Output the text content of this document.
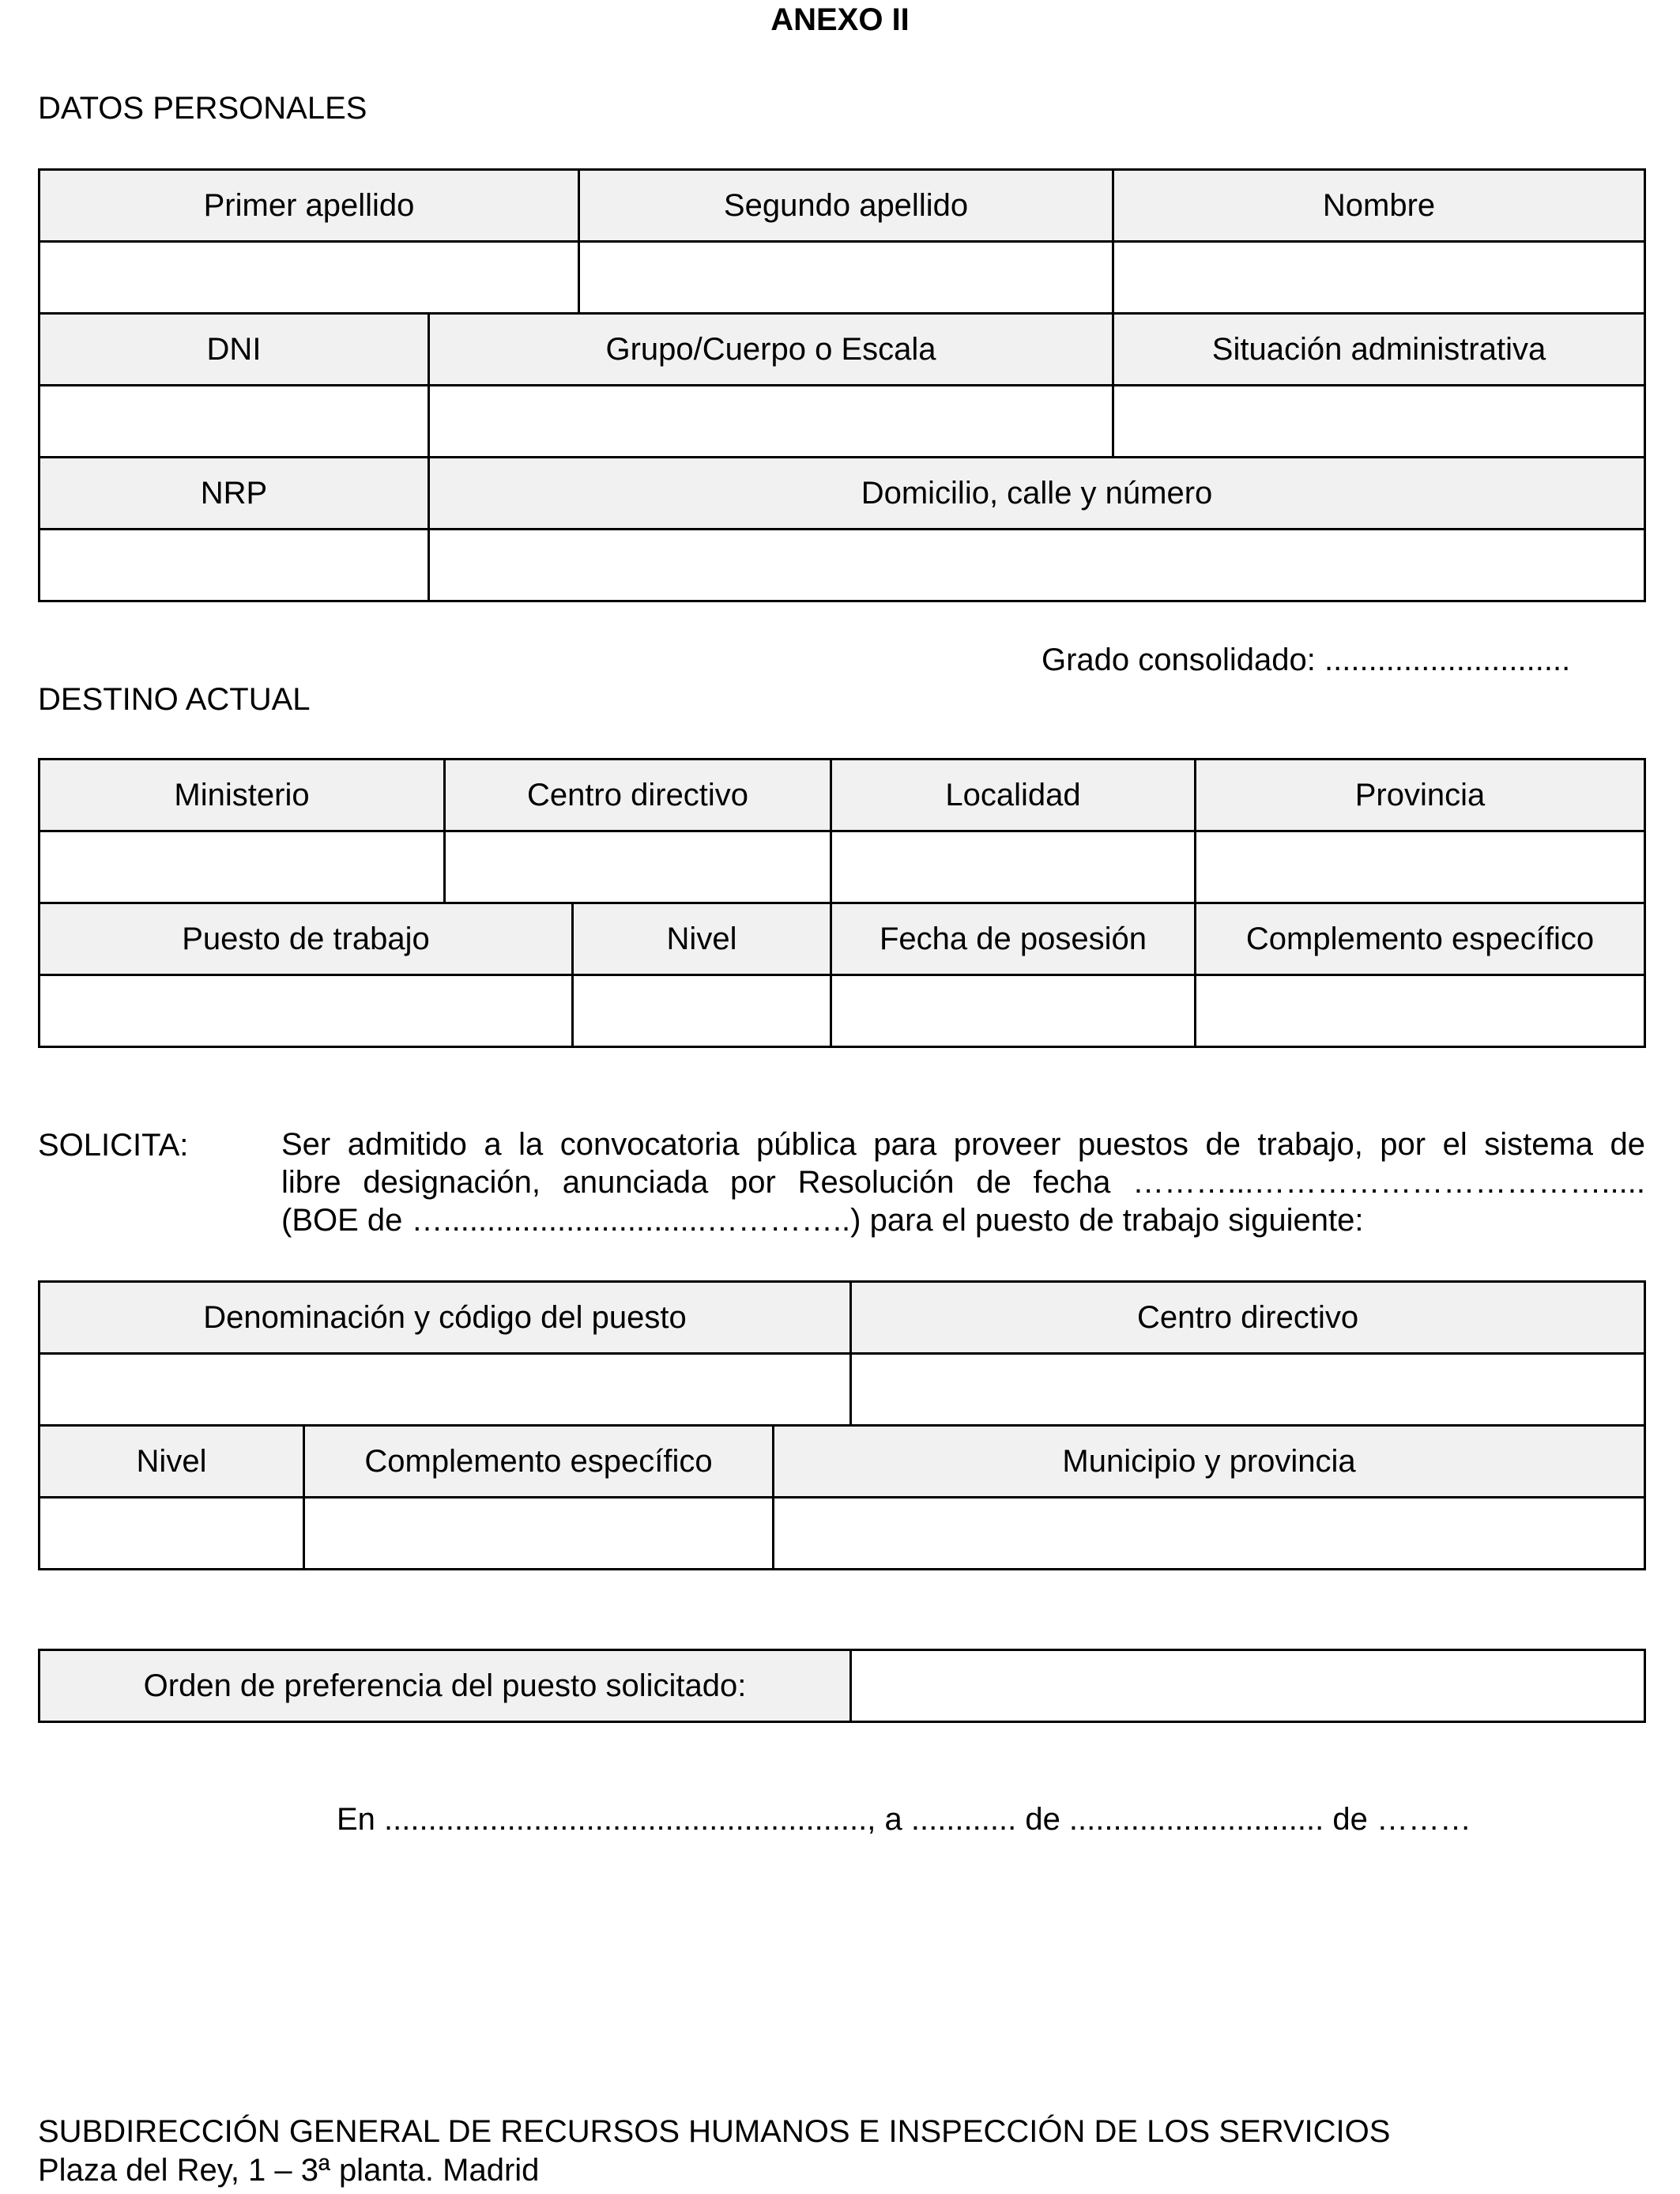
ANEXO II
DATOS PERSONALES
Primer apellido		Segundo apellido	Nombre

DNI	Grupo/Cuerpo o Escala		Situación administrativa

NRP	Domicilio, calle y número		

Grado consolidado: ............................
DESTINO ACTUAL
Ministerio	Centro directivo		Localidad	Provincia

Puesto de trabajo		Nivel	Fecha de posesión	Complemento específico

SOLICITA:	Ser admitido a la convocatoria pública para proveer puestos de trabajo, por el sistema de
libre designación, anunciada por Resolución de fecha ………...…………………………….....
(BOE de …..............................…………..) para el puesto de trabajo siguiente:
Denominación y código del puesto			Centro directivo

Nivel	Complemento específico	Municipio y provincia	

Orden de preferencia del puesto solicitado:	
En ......................................................., a ............ de ............................. de ………
SUBDIRECCIÓN GENERAL DE RECURSOS HUMANOS E INSPECCIÓN DE LOS SERVICIOS
Plaza del Rey, 1 – 3ª planta. Madrid
